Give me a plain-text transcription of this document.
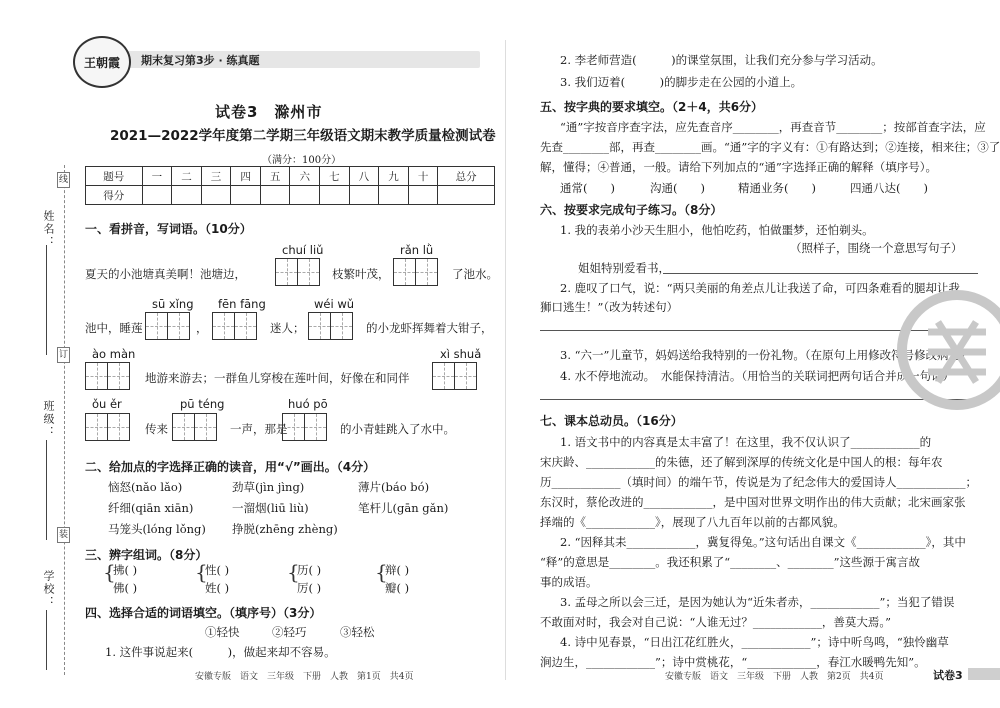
姓名：
班级：
学校：
线
订
装
期末复习第3步 · 练真题
王朝霞
试卷3　滁州市
2021—2022学年度第二学期三年级语文期末教学质量检测试卷
（满分：100分）
题号	一	二	三	四	五	六	七	八	九	十	总分
得分											
一、看拼音，写词语。（10分）
chuí liǔ	rǎn lǜ
夏天的小池塘真美啊！池塘边，	枝繁叶茂，	了池水。
sū xǐng fēn fāng	wéi wǔ
池中，睡莲	，	迷人；	的小龙虾挥舞着大钳子，
ào màn	xì shuǎ
地游来游去；一群鱼儿穿梭在莲叶间，好像在和同伴
ǒu ěr	pū téng	huó pō
传来	一声，那是	的小青蛙跳入了水中。
二、给加点的字选择正确的读音，用“√”画出。（4分）
恼怒(nǎo lǎo)	劲草(jìn jìng)	薄片(báo bó)
纤细(qiān xiān)	一溜烟(liū liù)	笔杆儿(gān gǎn)
马笼头(lóng lǒng) 挣脱(zhēng zhèng)
三、辨字组词。（8分）
{	{	{	{
拂( )	性( )	历( )	辩( )
佛( )	姓( )	厉( )	瓣( )
四、选择合适的词语填空。（填序号）（3分）
①轻快	②轻巧	③轻松
1. 这件事说起来(　　　)，做起来却不容易。
安徽专版　语文　三年级　下册　人教　第1页　共4页
2. 李老师营造(　　　)的课堂氛围，让我们充分参与学习活动。
3. 我们迈着(　　　)的脚步走在公园的小道上。
五、按字典的要求填空。（2＋4，共6分）
“通”字按音序查字法，应先查音序________，再查音节________；按部首查字法，应
先查________部，再查________画。“通”字的字义有：①有路达到；②连接，相来往；③了
解，懂得；④普通，一般。请给下列加点的“通”字选择正确的解释（填序号）。
通常(　　)	沟通(　　)	精通业务(　　)	四通八达(　　)
六、按要求完成句子练习。（8分）
1. 我的表弟小沙天生胆小，他怕吃药，怕做噩梦，还怕剃头。
（照样子，围绕一个意思写句子）
姐姐特别爱看书，
2. 鹿叹了口气，说：“两只美丽的角差点儿让我送了命，可四条难看的腿却让我
狮口逃生！”（改为转述句）
3. “六一”儿童节，妈妈送给我特别的一份礼物。（在原句上用修改符号修改病句）
4. 水不停地流动。　水能保持清洁。（用恰当的关联词把两句话合并成一句话）
七、课本总动员。（16分）
1. 语文书中的内容真是太丰富了！在这里，我不仅认识了____________的
宋庆龄、____________的朱德，还了解到深厚的传统文化是中国人的根：每年农
历____________（填时间）的端午节，传说是为了纪念伟大的爱国诗人____________；
东汉时，蔡伦改进的____________，是中国对世界文明作出的伟大贡献；北宋画家张
择端的《____________》，展现了八九百年以前的古都风貌。
2. “因释其耒____________，冀复得兔。”这句话出自课文《____________》，其中
“释”的意思是________。我还积累了“________、________”这些源于寓言故
事的成语。
3. 孟母之所以会三迁，是因为她认为“近朱者赤，____________”；当犯了错误
不敢面对时，我会对自己说：“人谁无过？____________，善莫大焉。”
4. 诗中见春景，“日出江花红胜火，____________”；诗中听鸟鸣，“独怜幽草
涧边生，____________”；诗中赏桃花，“____________，春江水暖鸭先知”。
安徽专版　语文　三年级　下册　人教　第2页　共4页	试卷3
